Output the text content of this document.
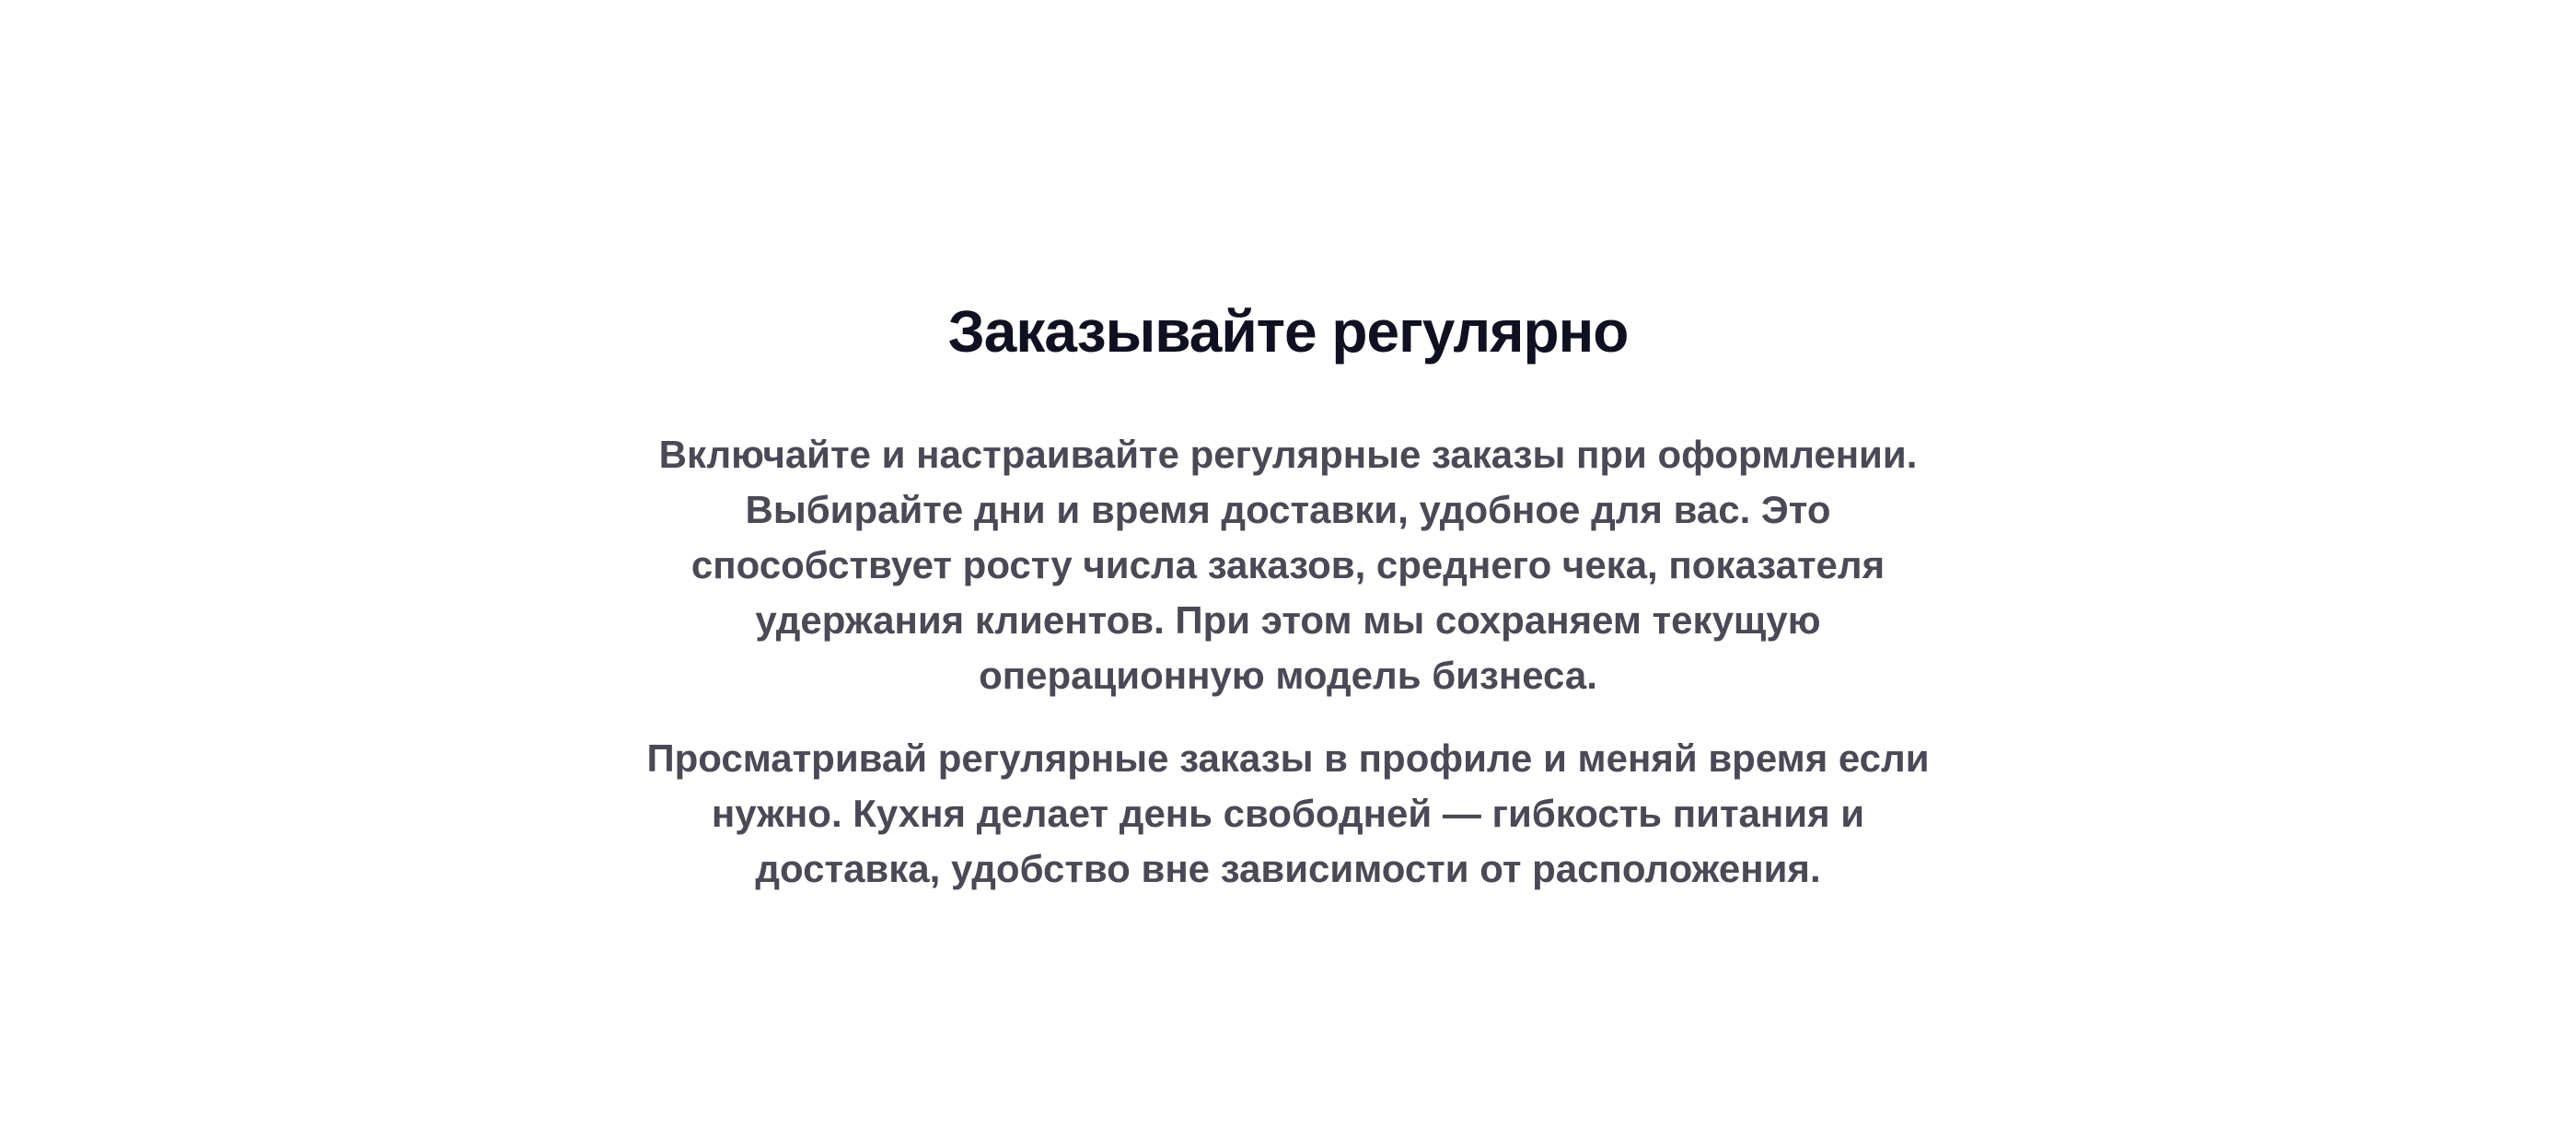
Заказывайте регулярно

Включайте и настраивайте регулярные заказы при оформлении. Выбирайте дни и время доставки, удобное для вас. Это способствует росту числа заказов, среднего чека, показателя удержания клиентов. При этом мы сохраняем текущую операционную модель бизнеса.

Просматривай регулярные заказы в профиле и меняй время если нужно. Кухня делает день свободней — гибкость питания и доставка, удобство вне зависимости от расположения.
